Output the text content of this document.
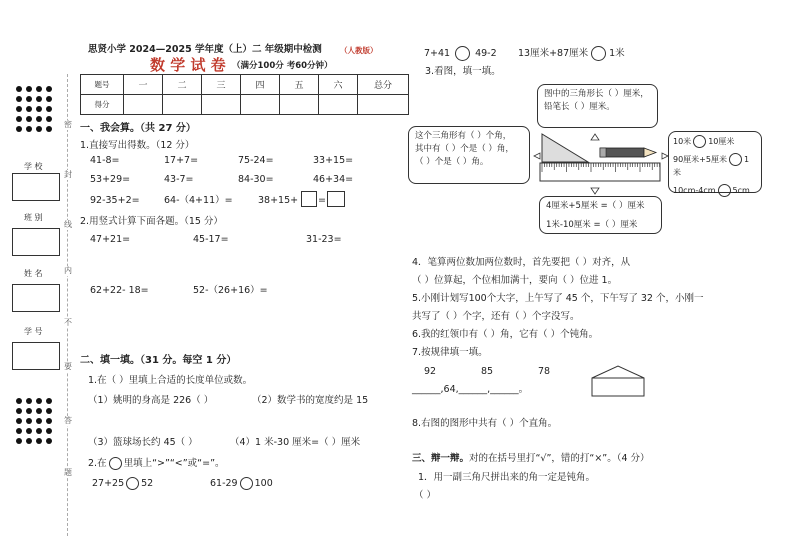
思贤小学 2024—2025 学年度（上）二 年级期中检测 （人教版）
数 学 试 卷 （满分100分 考60分钟）
题号	一	二	三	四	五	六	总分
得分							
学 校
班 别
姓 名
学 号
密
封
线
内
不
要
答
题
一、我会算。（共 27 分）
1.直接写出得数。（12 分）
41-8=	17+7=	75-24=	33+15=
53+29=	43-7=	84-30=	46+34=
92-35+2=	64-（4+11）=	38+15+ =
2.用竖式计算下面各题。（15 分）
47+21=	45-17=	31-23=
62+22- 18=	52-（26+16）=
二、填一填。（31 分。每空 1 分）
1.在（ ）里填上合适的长度单位或数。
（1）姚明的身高是 226（ ）	（2）数学书的宽度约是 15
（3）篮球场长约 45（ ）	（4）1 米-30 厘米=（ ）厘米
2.在 里填上“>”“<”或“=”。
27+25 52	61-29 100
7+41	49-2 13厘米+87厘米 1米
3.看图，填一填。
图中的三角形长（ ）厘米，
铅笔长（ ）厘米。
这个三角形有（ ）个角，
其中有（ ）个是（ ）角，
（ ）个是（ ）角。
10米 10厘米
90厘米+5厘米 1米
10cm-4cm 5cm
4厘米+5厘米 =（ ）厘米
1米-10厘米 =（ ）厘米
4．笔算两位数加两位数时，首先要把（ ）对齐，从
（ ）位算起，个位相加满十，要向（ ）位进 1。
5.小刚计划写100个大字，上午写了 45 个，下午写了 32 个，小刚一
共写了（ ）个字，还有（ ）个字没写。
6.我的红领巾有（ ）角，它有（ ）个钝角。
7.按规律填一填。
92	85	78
______,64,______,______。
8.右图的图形中共有（ ）个直角。
三、辩一辩。对的在括号里打“√”，错的打“×”。（4 分）
1．用一副三角尺拼出来的角一定是钝角。
（ ）
